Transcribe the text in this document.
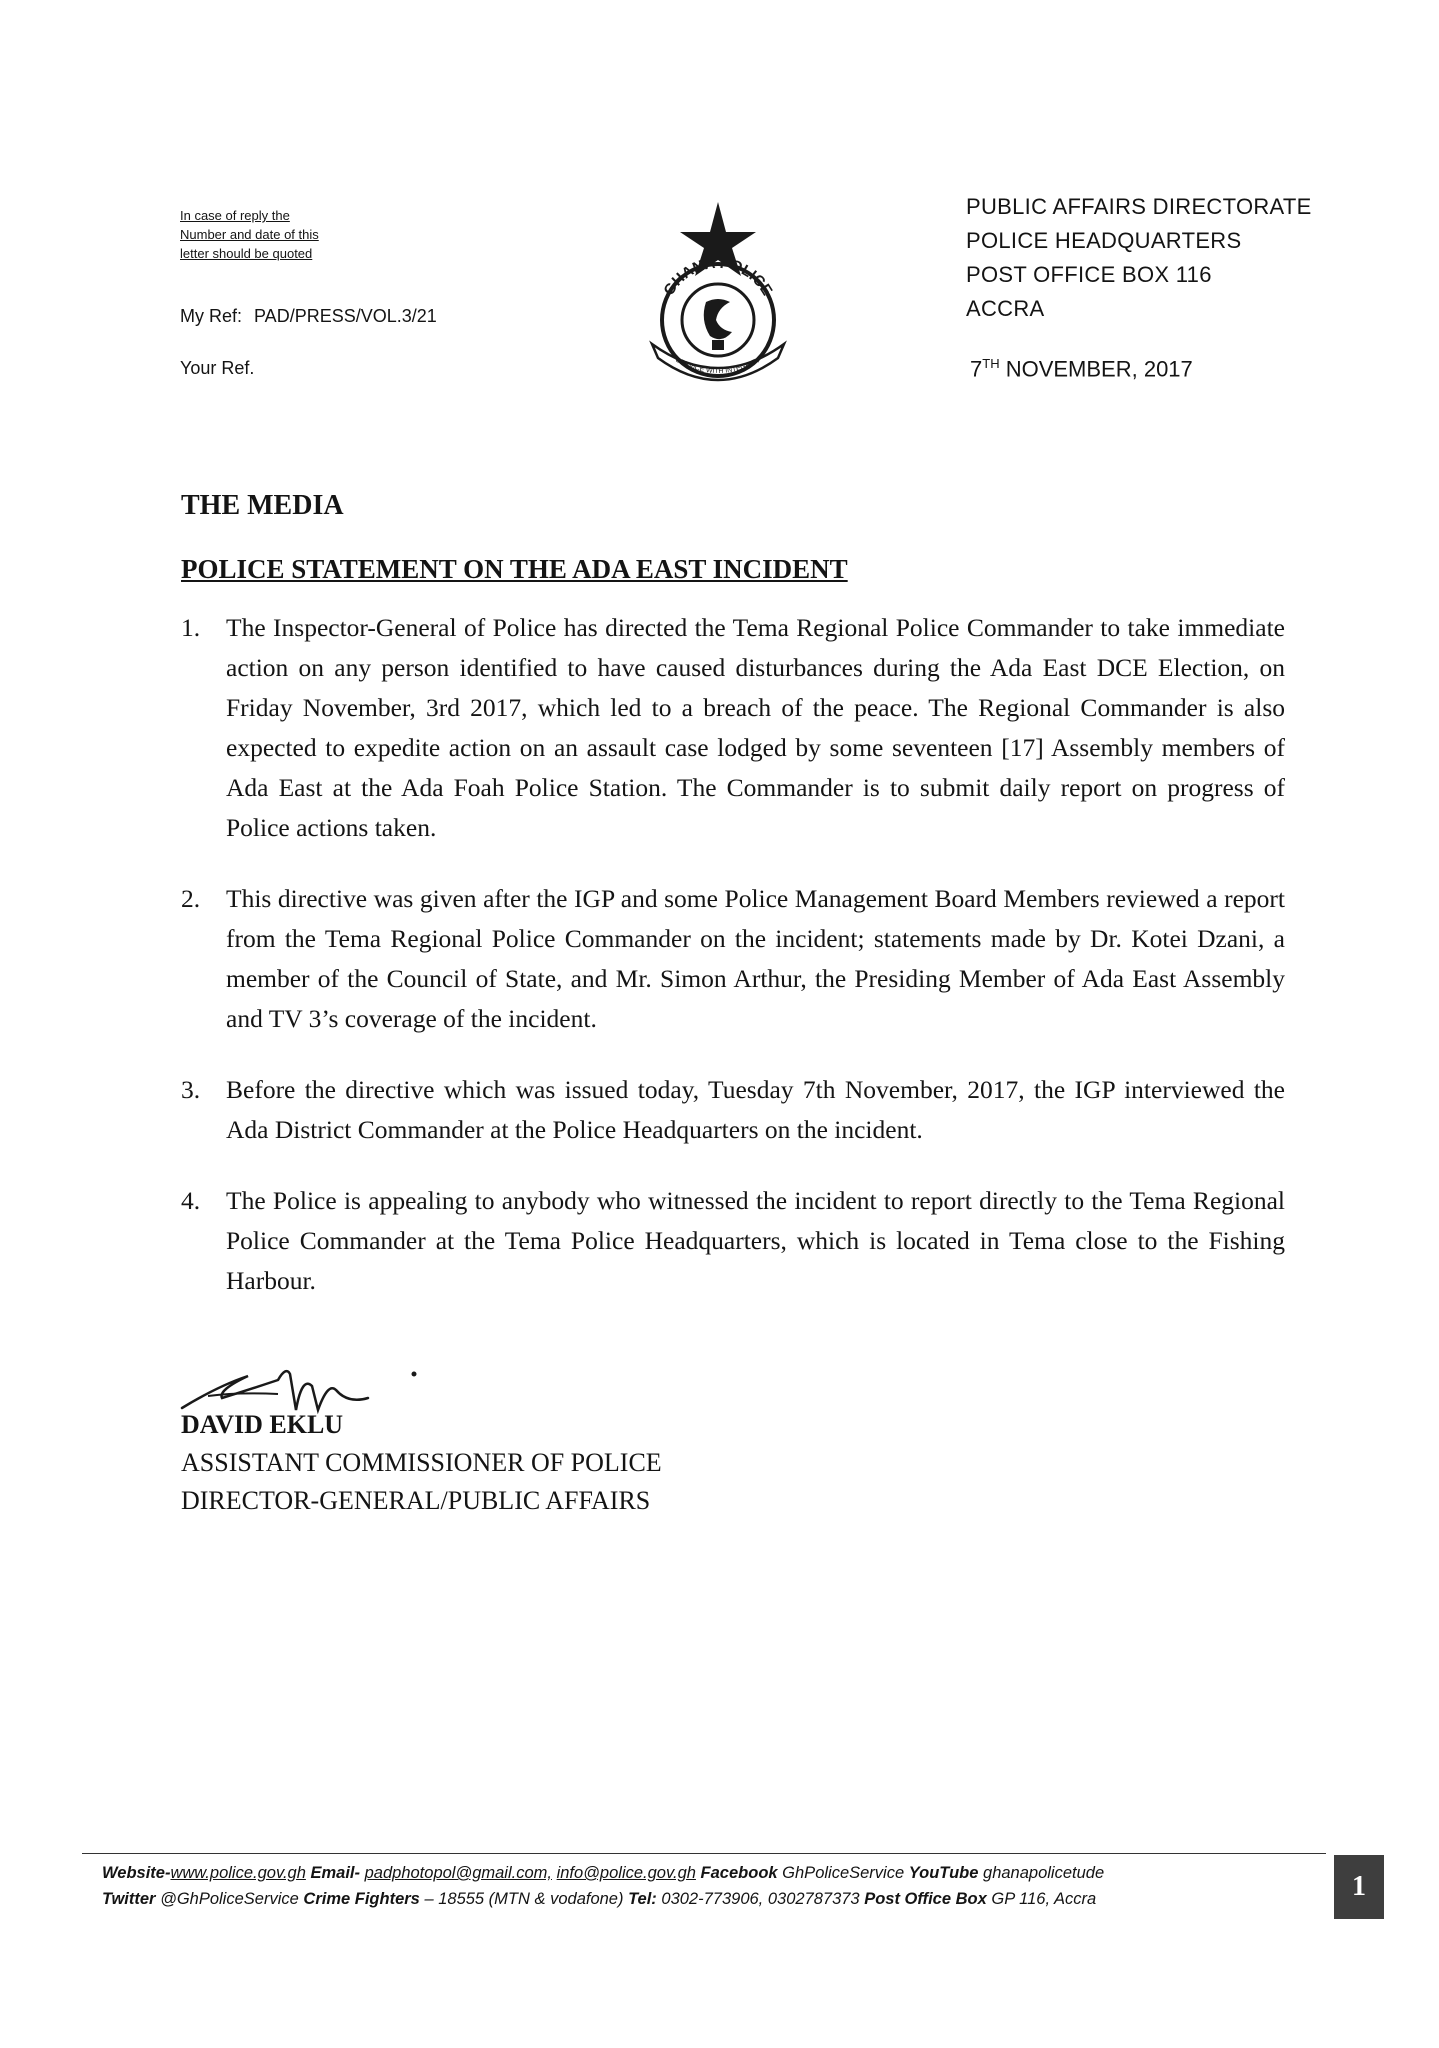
In case of reply the
Number and date of this
letter should be quoted
My Ref: PAD/PRESS/VOL.3/21
Your Ref.
GHANA POLICE
SERVICE WITH INTEGRITY
PUBLIC AFFAIRS DIRECTORATE
POLICE HEADQUARTERS
POST OFFICE BOX 116
ACCRA
7TH NOVEMBER, 2017
THE MEDIA
POLICE STATEMENT ON THE ADA EAST INCIDENT
1. The Inspector-General of Police has directed the Tema Regional Police Commander to take immediate action on any person identified to have caused disturbances during the Ada East DCE Election, on Friday November, 3rd 2017, which led to a breach of the peace. The Regional Commander is also expected to expedite action on an assault case lodged by some seventeen [17] Assembly members of Ada East at the Ada Foah Police Station. The Commander is to submit daily report on progress of Police actions taken.
2. This directive was given after the IGP and some Police Management Board Members reviewed a report from the Tema Regional Police Commander on the incident; statements made by Dr. Kotei Dzani, a member of the Council of State, and Mr. Simon Arthur, the Presiding Member of Ada East Assembly and TV 3’s coverage of the incident.
3. Before the directive which was issued today, Tuesday 7th November, 2017, the IGP interviewed the Ada District Commander at the Police Headquarters on the incident.
4. The Police is appealing to anybody who witnessed the incident to report directly to the Tema Regional Police Commander at the Tema Police Headquarters, which is located in Tema close to the Fishing Harbour.
DAVID EKLU
ASSISTANT COMMISSIONER OF POLICE
DIRECTOR-GENERAL/PUBLIC AFFAIRS
Website-www.police.gov.gh Email- padphotopol@gmail.com, info@police.gov.gh Facebook GhPoliceService YouTube ghanapolicetude
Twitter @GhPoliceService Crime Fighters – 18555 (MTN & vodafone) Tel: 0302-773906, 0302787373 Post Office Box GP 116, Accra	1
